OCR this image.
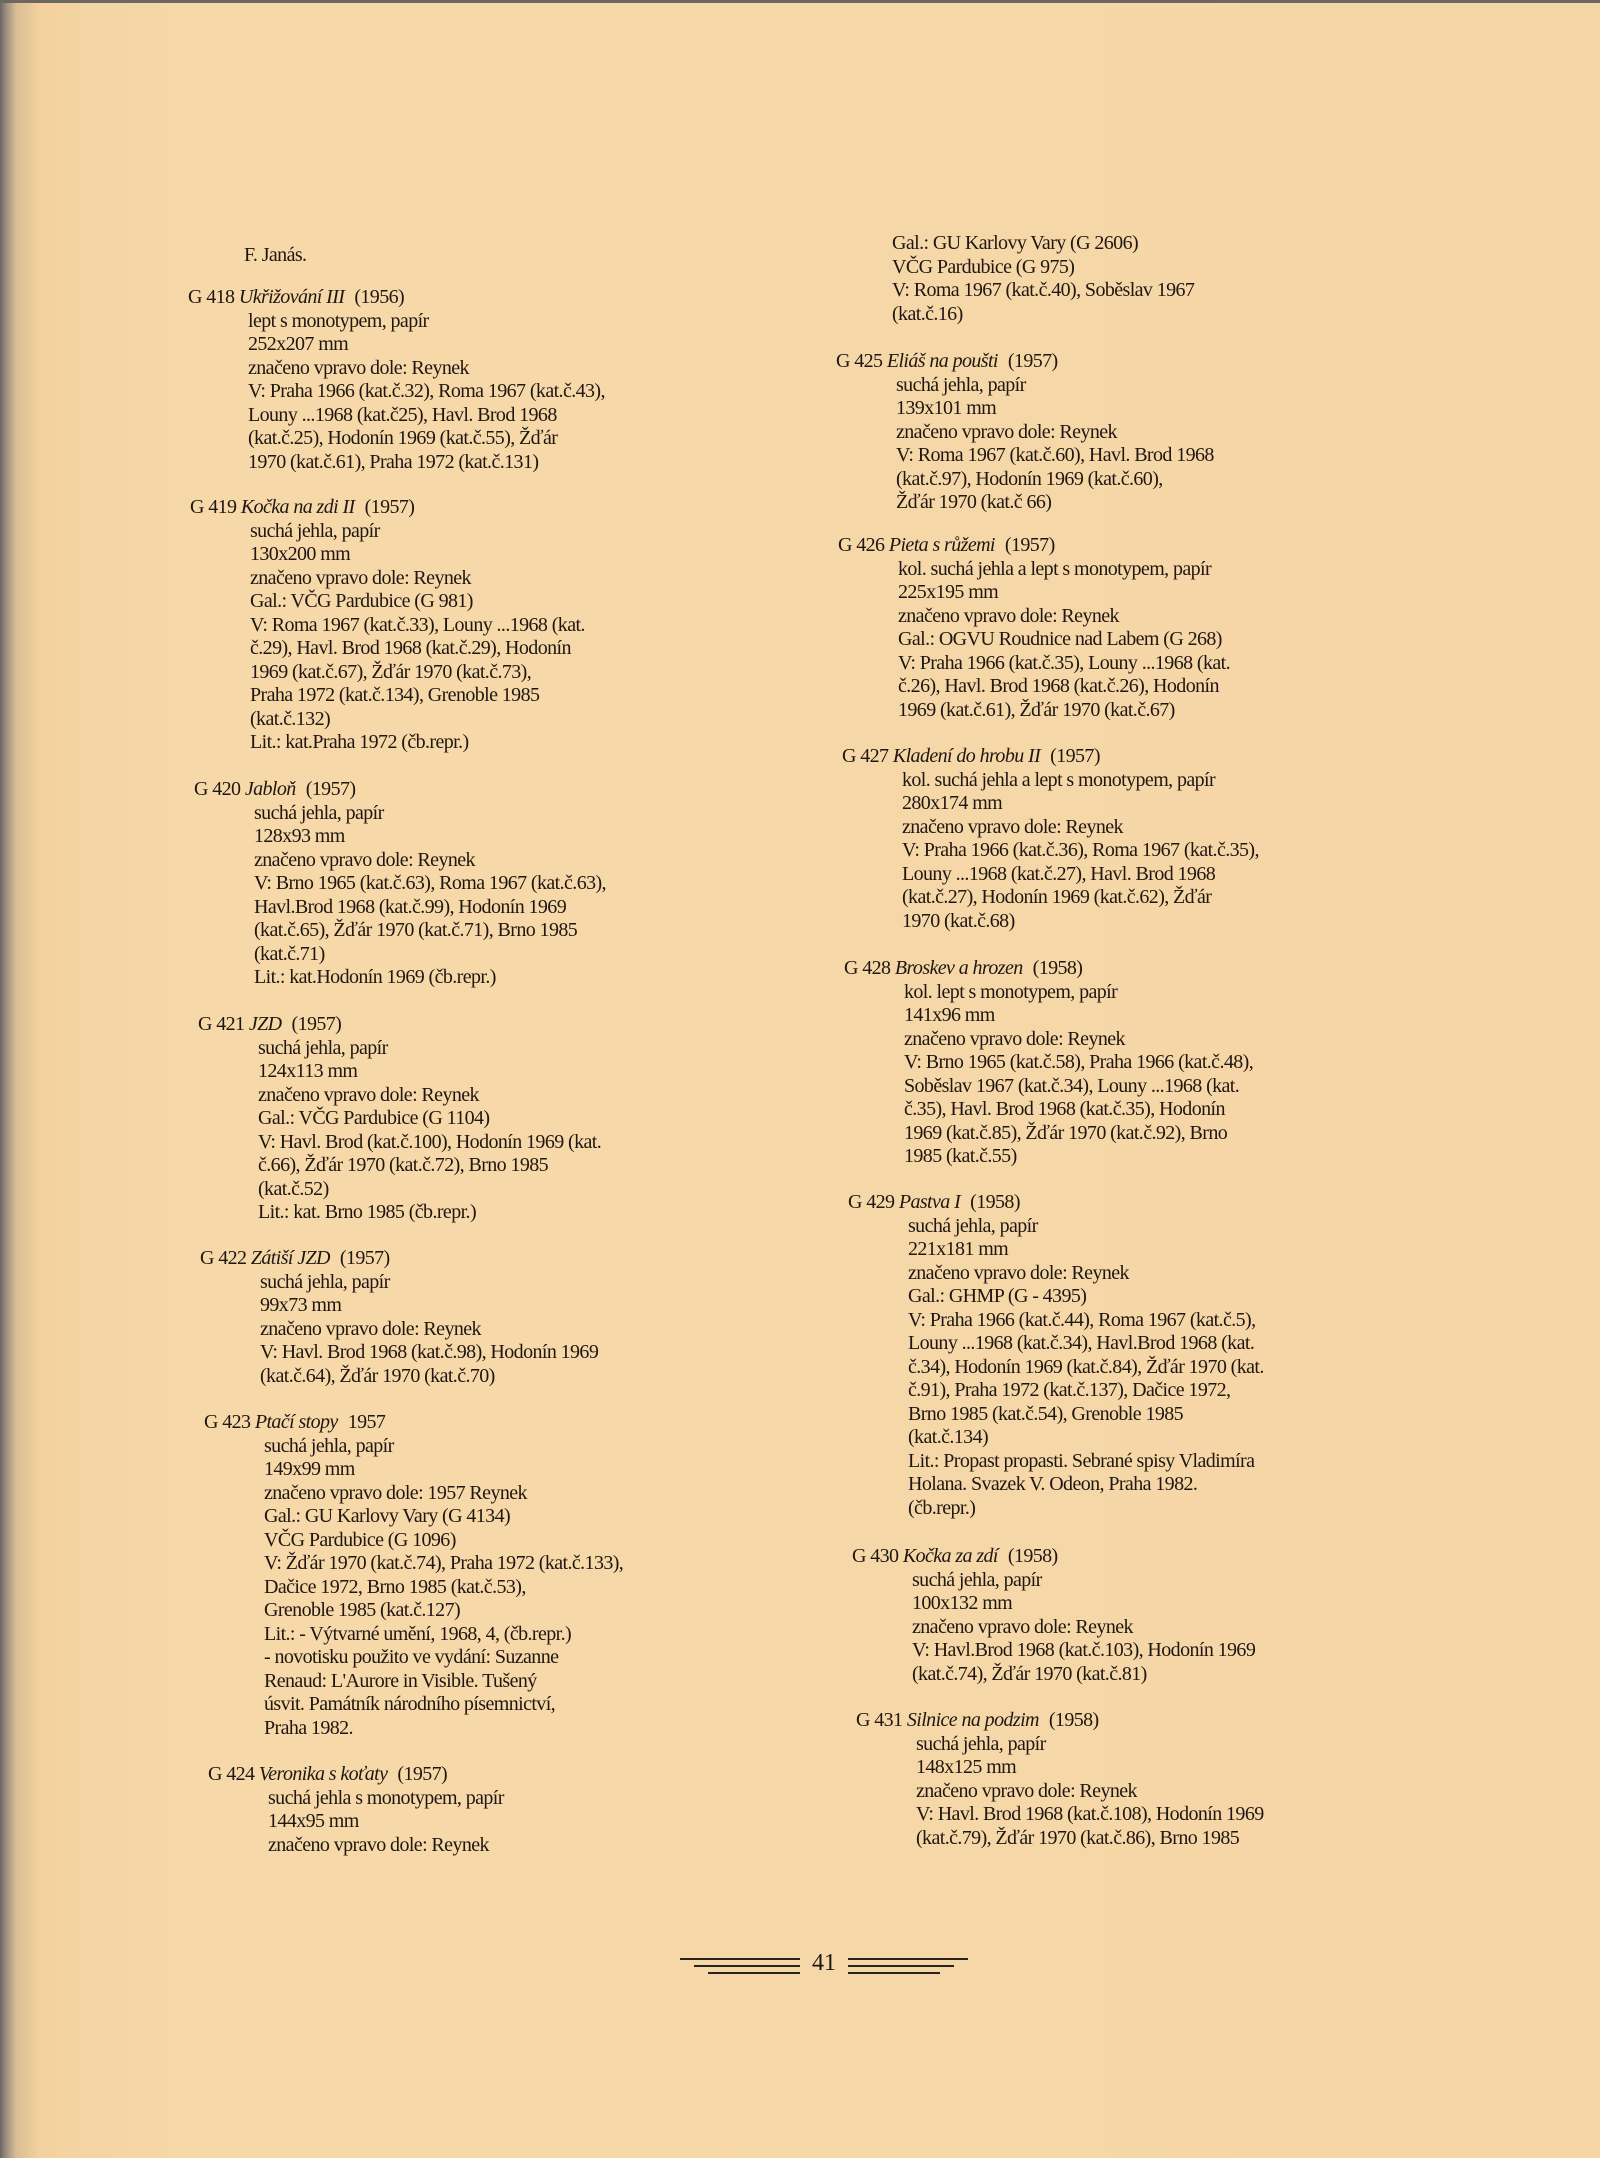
F. Janás.
G 418 Ukřižování III (1956)
lept s monotypem, papír
252x207 mm
značeno vpravo dole: Reynek
V: Praha 1966 (kat.č.32), Roma 1967 (kat.č.43),
Louny ...1968 (kat.č25), Havl. Brod 1968
(kat.č.25), Hodonín 1969 (kat.č.55), Žďár
1970 (kat.č.61), Praha 1972 (kat.č.131)
G 419 Kočka na zdi II (1957)
suchá jehla, papír
130x200 mm
značeno vpravo dole: Reynek
Gal.: VČG Pardubice (G 981)
V: Roma 1967 (kat.č.33), Louny ...1968 (kat.
č.29), Havl. Brod 1968 (kat.č.29), Hodonín
1969 (kat.č.67), Žďár 1970 (kat.č.73),
Praha 1972 (kat.č.134), Grenoble 1985
(kat.č.132)
Lit.: kat.Praha 1972 (čb.repr.)
G 420 Jabloň (1957)
suchá jehla, papír
128x93 mm
značeno vpravo dole: Reynek
V: Brno 1965 (kat.č.63), Roma 1967 (kat.č.63),
Havl.Brod 1968 (kat.č.99), Hodonín 1969
(kat.č.65), Žďár 1970 (kat.č.71), Brno 1985
(kat.č.71)
Lit.: kat.Hodonín 1969 (čb.repr.)
G 421 JZD (1957)
suchá jehla, papír
124x113 mm
značeno vpravo dole: Reynek
Gal.: VČG Pardubice (G 1104)
V: Havl. Brod (kat.č.100), Hodonín 1969 (kat.
č.66), Žďár 1970 (kat.č.72), Brno 1985
(kat.č.52)
Lit.: kat. Brno 1985 (čb.repr.)
G 422 Zátiší JZD (1957)
suchá jehla, papír
99x73 mm
značeno vpravo dole: Reynek
V: Havl. Brod 1968 (kat.č.98), Hodonín 1969
(kat.č.64), Žďár 1970 (kat.č.70)
G 423 Ptačí stopy 1957
suchá jehla, papír
149x99 mm
značeno vpravo dole: 1957 Reynek
Gal.: GU Karlovy Vary (G 4134)
VČG Pardubice (G 1096)
V: Žďár 1970 (kat.č.74), Praha 1972 (kat.č.133),
Dačice 1972, Brno 1985 (kat.č.53),
Grenoble 1985 (kat.č.127)
Lit.: - Výtvarné umění, 1968, 4, (čb.repr.)
- novotisku použito ve vydání: Suzanne
Renaud: L'Aurore in Visible. Tušený
úsvit. Památník národního písemnictví,
Praha 1982.
G 424 Veronika s koťaty (1957)
suchá jehla s monotypem, papír
144x95 mm
značeno vpravo dole: Reynek
Gal.: GU Karlovy Vary (G 2606)
VČG Pardubice (G 975)
V: Roma 1967 (kat.č.40), Soběslav 1967
(kat.č.16)
G 425 Eliáš na poušti (1957)
suchá jehla, papír
139x101 mm
značeno vpravo dole: Reynek
V: Roma 1967 (kat.č.60), Havl. Brod 1968
(kat.č.97), Hodonín 1969 (kat.č.60),
Žďár 1970 (kat.č 66)
G 426 Pieta s růžemi (1957)
kol. suchá jehla a lept s monotypem, papír
225x195 mm
značeno vpravo dole: Reynek
Gal.: OGVU Roudnice nad Labem (G 268)
V: Praha 1966 (kat.č.35), Louny ...1968 (kat.
č.26), Havl. Brod 1968 (kat.č.26), Hodonín
1969 (kat.č.61), Žďár 1970 (kat.č.67)
G 427 Kladení do hrobu II (1957)
kol. suchá jehla a lept s monotypem, papír
280x174 mm
značeno vpravo dole: Reynek
V: Praha 1966 (kat.č.36), Roma 1967 (kat.č.35),
Louny ...1968 (kat.č.27), Havl. Brod 1968
(kat.č.27), Hodonín 1969 (kat.č.62), Žďár
1970 (kat.č.68)
G 428 Broskev a hrozen (1958)
kol. lept s monotypem, papír
141x96 mm
značeno vpravo dole: Reynek
V: Brno 1965 (kat.č.58), Praha 1966 (kat.č.48),
Soběslav 1967 (kat.č.34), Louny ...1968 (kat.
č.35), Havl. Brod 1968 (kat.č.35), Hodonín
1969 (kat.č.85), Žďár 1970 (kat.č.92), Brno
1985 (kat.č.55)
G 429 Pastva I (1958)
suchá jehla, papír
221x181 mm
značeno vpravo dole: Reynek
Gal.: GHMP (G - 4395)
V: Praha 1966 (kat.č.44), Roma 1967 (kat.č.5),
Louny ...1968 (kat.č.34), Havl.Brod 1968 (kat.
č.34), Hodonín 1969 (kat.č.84), Žďár 1970 (kat.
č.91), Praha 1972 (kat.č.137), Dačice 1972,
Brno 1985 (kat.č.54), Grenoble 1985
(kat.č.134)
Lit.: Propast propasti. Sebrané spisy Vladimíra
Holana. Svazek V. Odeon, Praha 1982.
(čb.repr.)
G 430 Kočka za zdí (1958)
suchá jehla, papír
100x132 mm
značeno vpravo dole: Reynek
V: Havl.Brod 1968 (kat.č.103), Hodonín 1969
(kat.č.74), Žďár 1970 (kat.č.81)
G 431 Silnice na podzim (1958)
suchá jehla, papír
148x125 mm
značeno vpravo dole: Reynek
V: Havl. Brod 1968 (kat.č.108), Hodonín 1969
(kat.č.79), Žďár 1970 (kat.č.86), Brno 1985
41
